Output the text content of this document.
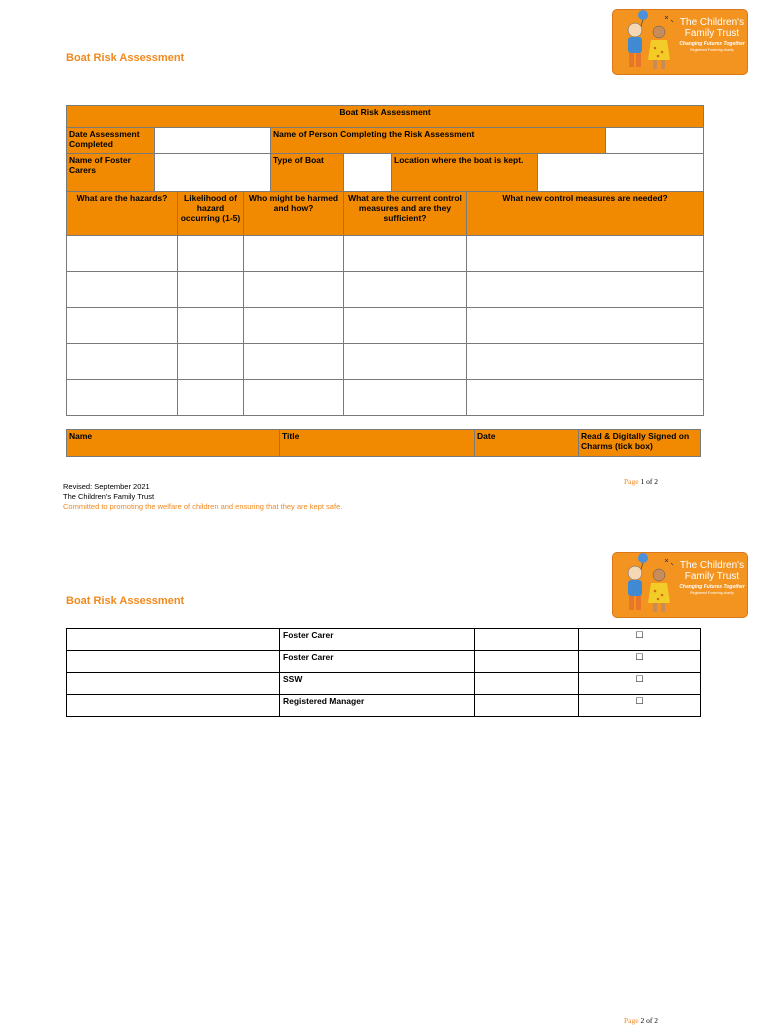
Boat Risk Assessment
The Children's
Family Trust
Changing Futures Together
Registered Fostering charity
Boat Risk Assessment									
Date Assessment Completed				Name of Person Completing the Risk Assessment					
Name of Foster Carers				Type of Boat		Location where the boat is kept.			
What are the hazards?		Likelihood of hazard occurring (1-5)	Who might be harmed and how?		What are the current control measures and are they sufficient?		What new control measures are needed?		

Name	Title	Date	Read & Digitally Signed on Charms (tick box)
Page 1 of 2
Revised: September 2021
The Children's Family Trust
Committed to promoting the welfare of children and ensuring that they are kept safe.
The Children's
Family Trust
Changing Futures Together
Registered Fostering charity
Boat Risk Assessment
	Foster Carer		☐
	Foster Carer		☐
	SSW		☐
	Registered Manager		☐
Page 2 of 2
